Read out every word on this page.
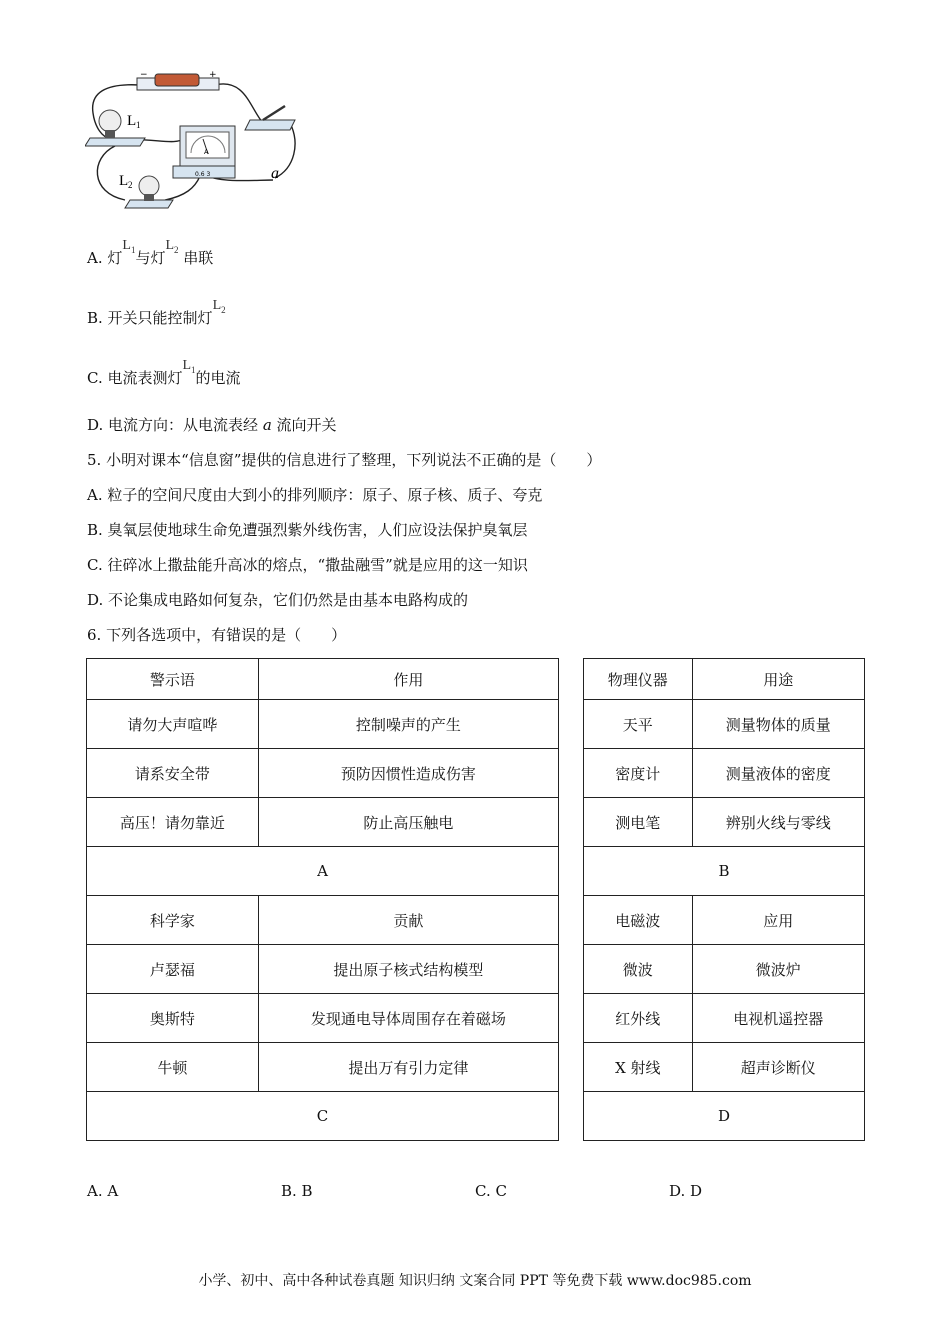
−	+
A
L 1
L 2
a
0.6 3
A. 灯$L_1$与灯$L_2$ 串联
B. 开关只能控制灯$L_2$
C. 电流表测灯$L_1$的电流
D. 电流方向：从电流表经 a 流向开关
5. 小明对课本“信息窗”提供的信息进行了整理，下列说法不正确的是（　　）
A. 粒子的空间尺度由大到小的排列顺序：原子、原子核、质子、夸克
B. 臭氧层使地球生命免遭强烈紫外线伤害，人们应设法保护臭氧层
C. 往碎冰上撒盐能升高冰的熔点，“撒盐融雪”就是应用的这一知识
D. 不论集成电路如何复杂，它们仍然是由基本电路构成的
6. 下列各选项中，有错误的是（　　）
警示语	作用
请勿大声喧哗	控制噪声的产生
请系安全带	预防因惯性造成伤害
高压！请勿靠近	防止高压触电
A	
科学家	贡献
卢瑟福	提出原子核式结构模型
奥斯特	发现通电导体周围存在着磁场
牛顿	提出万有引力定律
C	
物理仪器	用途
天平	测量物体的质量
密度计	测量液体的密度
测电笔	辨别火线与零线
B	
电磁波	应用
微波	微波炉
红外线	电视机遥控器
X 射线	超声诊断仪
D	
A. A	B. B	C. C	D. D
小学、初中、高中各种试卷真题 知识归纳 文案合同 PPT 等免费下载 www.doc985.com
